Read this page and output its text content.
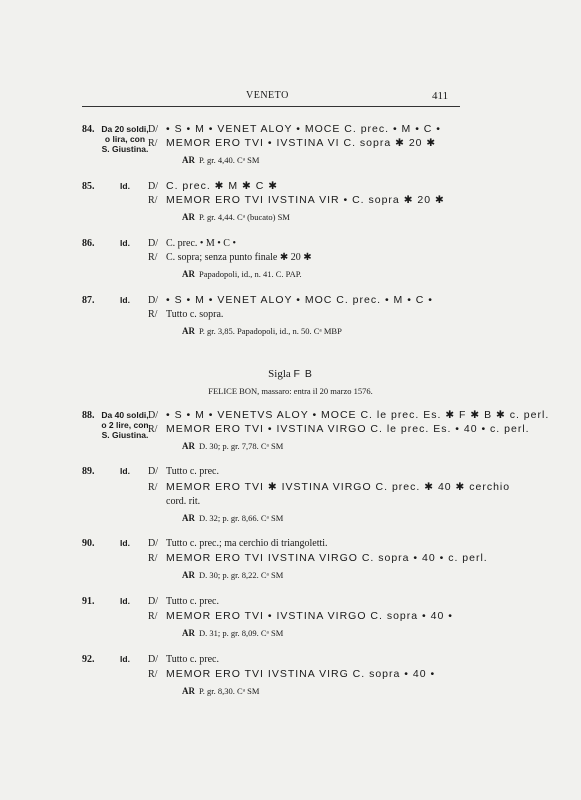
VENETO	411
84. Da 20 soldi, o lira, con S. Giustina.
D/ • S • M • VENET ALOY • MOCE C. prec. • M • C •
R/ MEMOR ERO TVI • IVSTINA VI C. sopra ✱ 20 ✱
AR P. gr. 4,40. Cᵃ SM
85.	Id.	D/ C. prec. ✱ M ✱ C ✱
R/ MEMOR ERO TVI IVSTINA VIR • C. sopra ✱ 20 ✱
AR P. gr. 4,44. Cᵃ (bucato) SM
86.	Id.	D/ C. prec. • M • C •
R/ C. sopra; senza punto finale ✱ 20 ✱
AR Papadopoli, id., n. 41. C. PAP.
87.	Id.	D/ • S • M • VENET ALOY • MOC C. prec. • M • C •
R/ Tutto c. sopra.
AR P. gr. 3,85. Papadopoli, id., n. 50. Cᵃ MBP
Sigla F B
FELICE BON, massaro: entra il 20 marzo 1576.
88. Da 40 soldi, o 2 lire, con S. Giustina.
D/ • S • M • VENETVS ALOY • MOCE C. le prec. Es. ✱ F ✱ B ✱ c. perl.
R/ MEMOR ERO TVI • IVSTINA VIRGO C. le prec. Es. • 40 • c. perl.
AR D. 30; p. gr. 7,78. Cᵃ SM
89.	Id.	D/ Tutto c. prec.
R/ MEMOR ERO TVI ✱ IVSTINA VIRGO C. prec. ✱ 40 ✱ cerchio
cord. rit.
AR D. 32; p. gr. 8,66. Cᵃ SM
90.	Id.	D/ Tutto c. prec.; ma cerchio di triangoletti.
R/ MEMOR ERO TVI IVSTINA VIRGO C. sopra • 40 • c. perl.
AR D. 30; p. gr. 8,22. Cᵃ SM
91.	Id.	D/ Tutto c. prec.
R/ MEMOR ERO TVI • IVSTINA VIRGO C. sopra • 40 •
AR D. 31; p. gr. 8,09. Cᵃ SM
92.	Id.	D/ Tutto c. prec.
R/ MEMOR ERO TVI IVSTINA VIRG C. sopra • 40 •
AR P. gr. 8,30. Cᵃ SM
